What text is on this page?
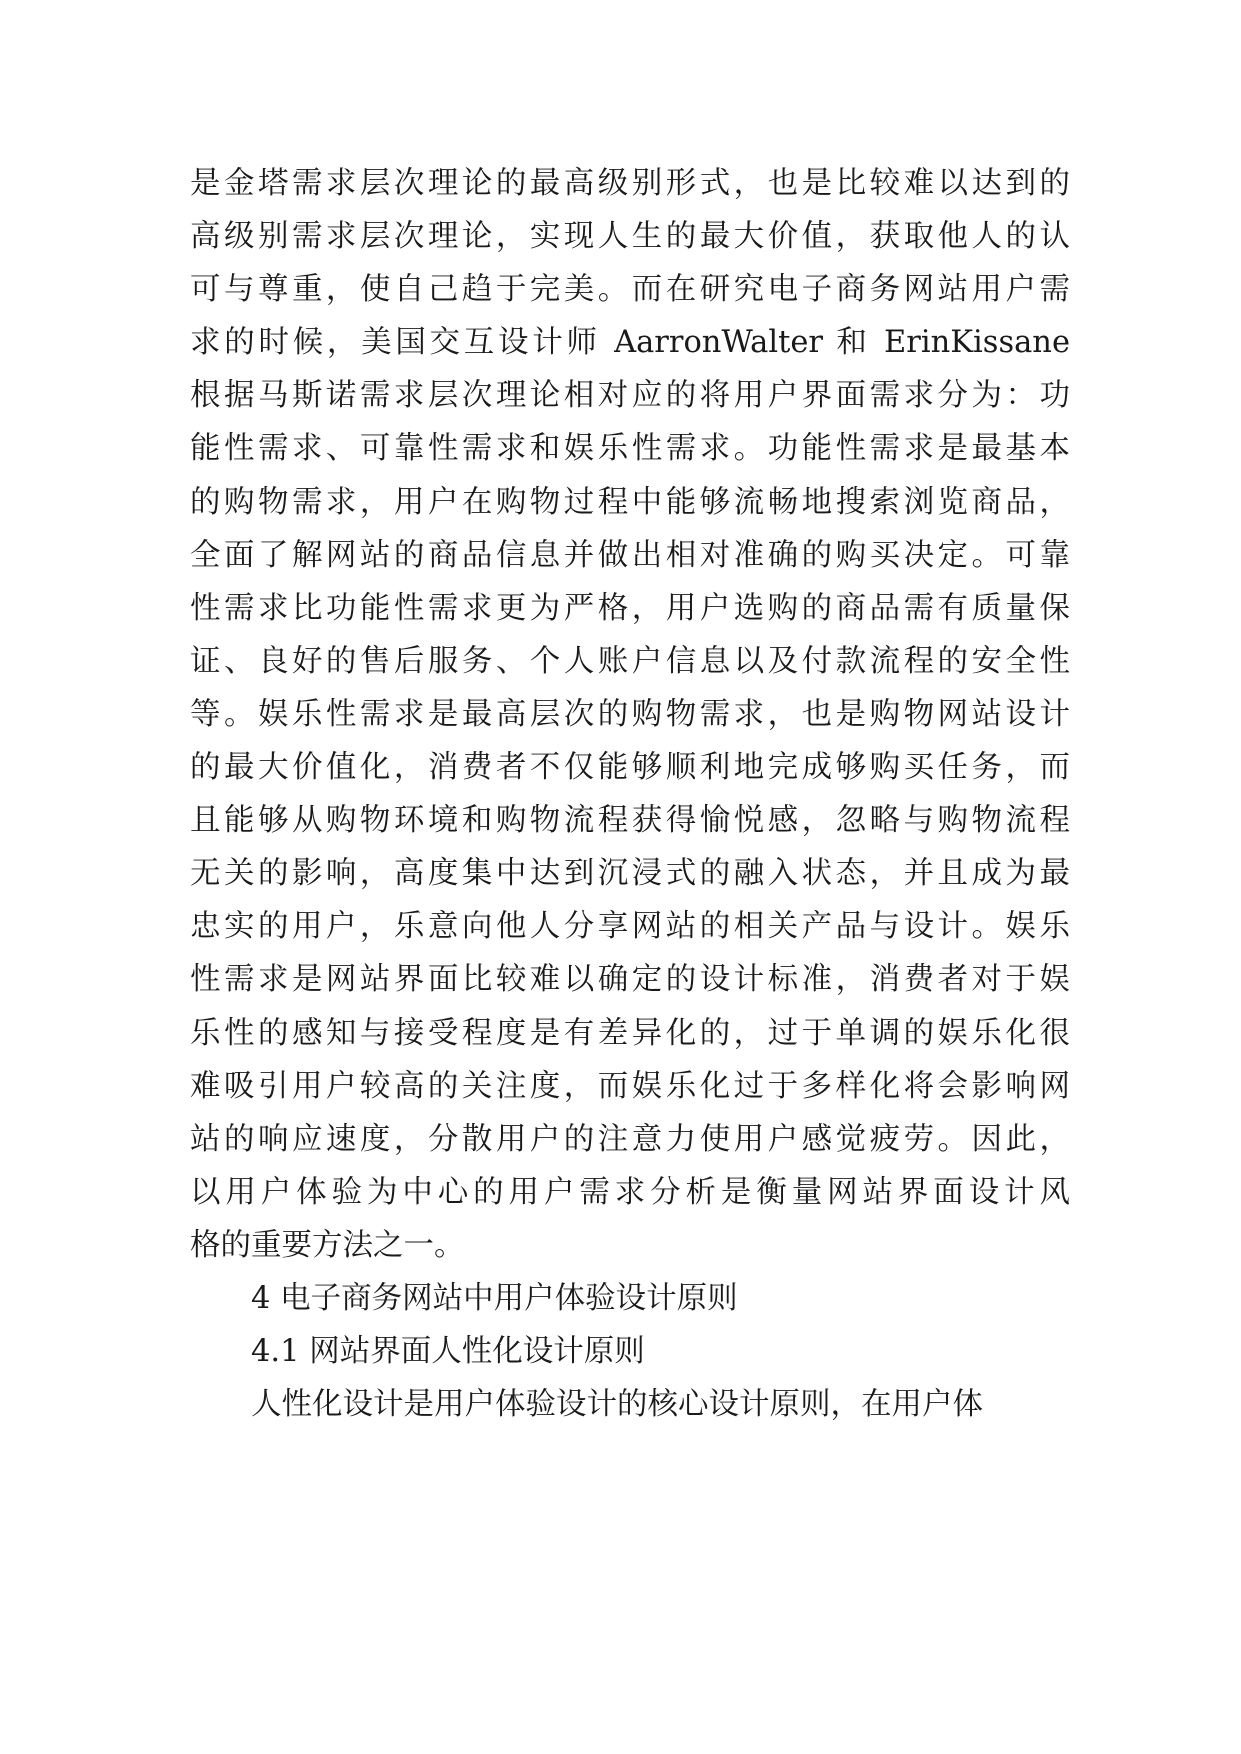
是金塔需求层次理论的最高级别形式，也是比较难以达到的

高级别需求层次理论，实现人生的最大价值，获取他人的认

可与尊重，使自己趋于完美。而在研究电子商务网站用户需

求的时候，美国交互设计师 AarronWalter 和 ErinKissane

根据马斯诺需求层次理论相对应的将用户界面需求分为：功

能性需求、可靠性需求和娱乐性需求。功能性需求是最基本

的购物需求，用户在购物过程中能够流畅地搜索浏览商品，

全面了解网站的商品信息并做出相对准确的购买决定。可靠

性需求比功能性需求更为严格，用户选购的商品需有质量保

证、良好的售后服务、个人账户信息以及付款流程的安全性

等。娱乐性需求是最高层次的购物需求，也是购物网站设计

的最大价值化，消费者不仅能够顺利地完成够购买任务，而

且能够从购物环境和购物流程获得愉悦感，忽略与购物流程

无关的影响，高度集中达到沉浸式的融入状态，并且成为最

忠实的用户，乐意向他人分享网站的相关产品与设计。娱乐

性需求是网站界面比较难以确定的设计标准，消费者对于娱

乐性的感知与接受程度是有差异化的，过于单调的娱乐化很

难吸引用户较高的关注度，而娱乐化过于多样化将会影响网

站的响应速度，分散用户的注意力使用户感觉疲劳。因此，

以用户体验为中心的用户需求分析是衡量网站界面设计风

格的重要方法之一。

4 电子商务网站中用户体验设计原则

4.1 网站界面人性化设计原则

人性化设计是用户体验设计的核心设计原则，在用户体
